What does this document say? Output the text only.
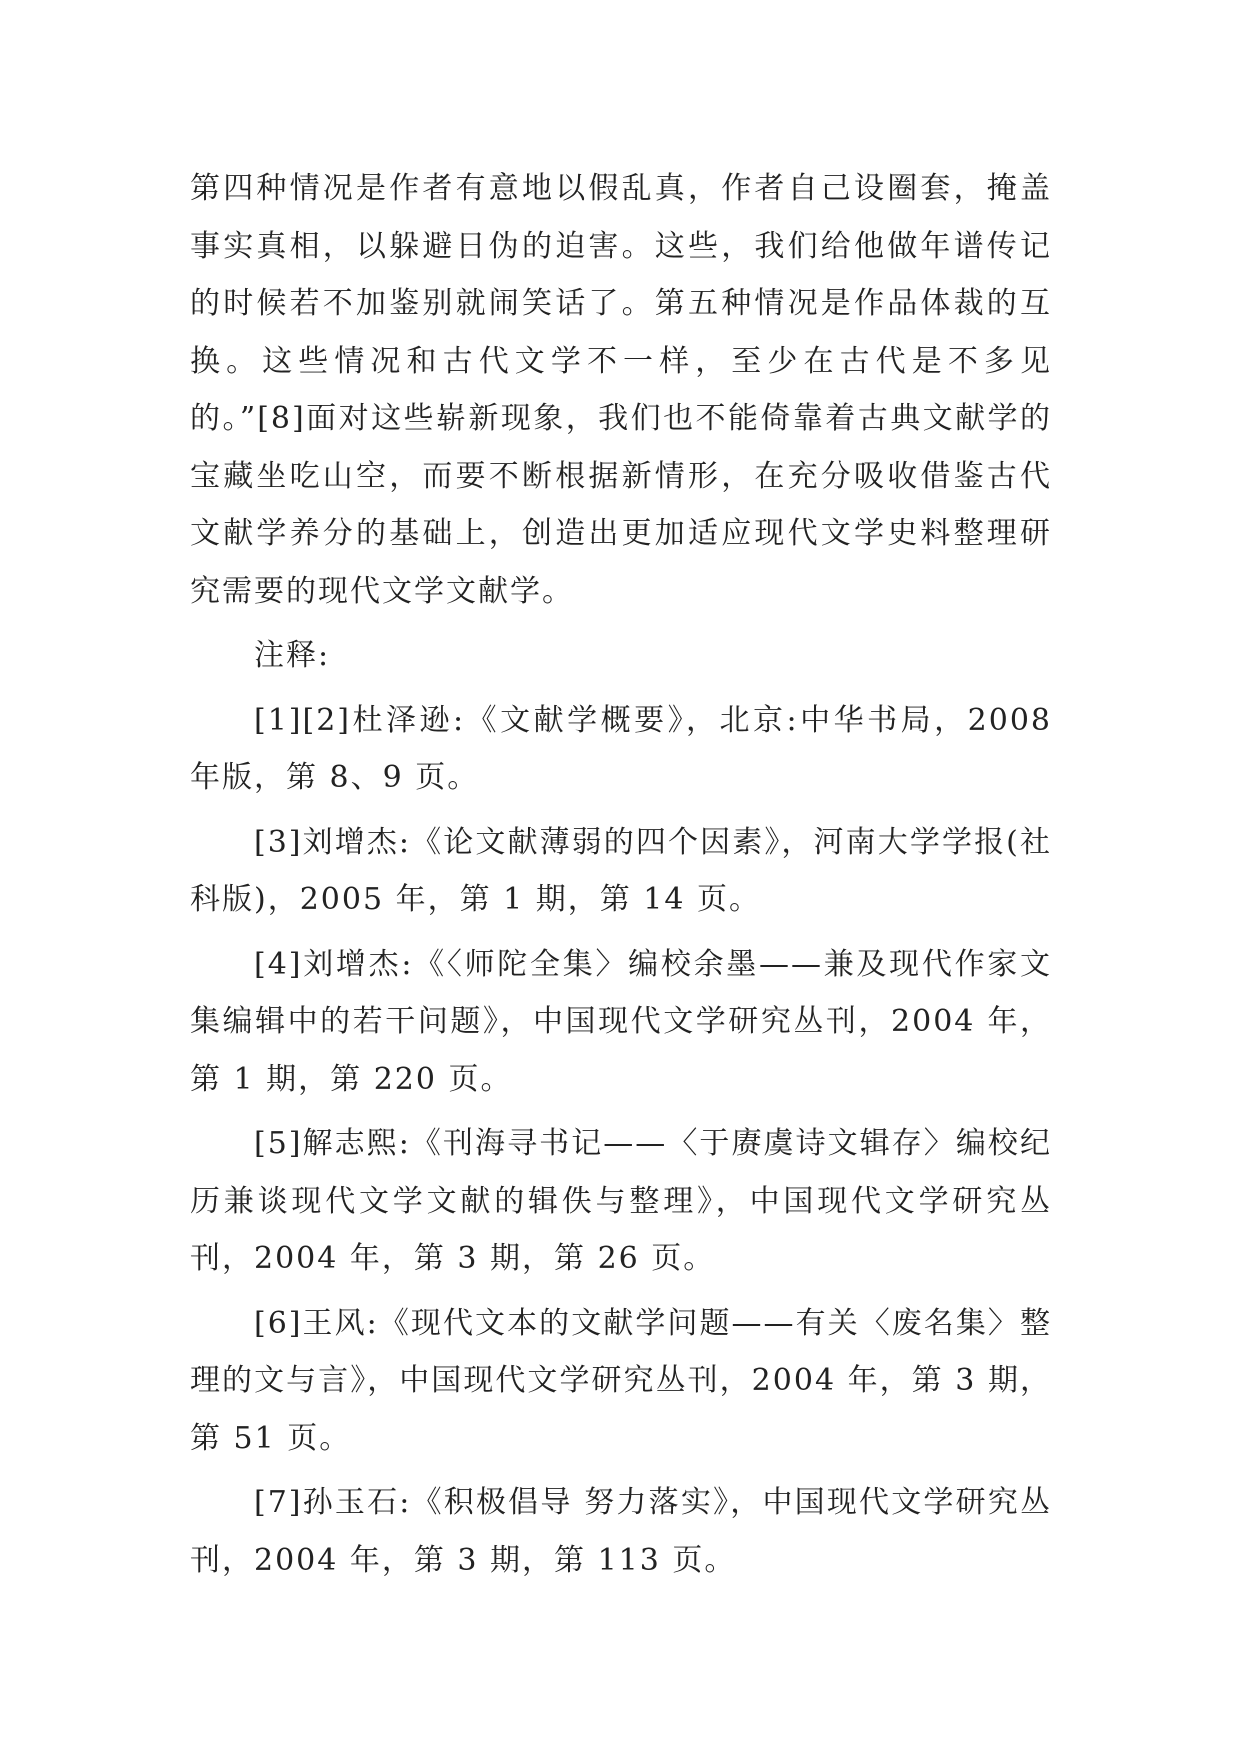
第四种情况是作者有意地以假乱真，作者自己设圈套，掩盖事实真相，以躲避日伪的迫害。这些，我们给他做年谱传记的时候若不加鉴别就闹笑话了。第五种情况是作品体裁的互换。这些情况和古代文学不一样，至少在古代是不多见的。”[8]面对这些崭新现象，我们也不能倚靠着古典文献学的宝藏坐吃山空，而要不断根据新情形，在充分吸收借鉴古代文献学养分的基础上，创造出更加适应现代文学史料整理研究需要的现代文学文献学。

注释:

[1][2]杜泽逊:《文献学概要》，北京:中华书局，2008年版，第 8、9 页。

[3]刘增杰:《论文献薄弱的四个因素》，河南大学学报(社科版)，2005 年，第 1 期，第 14 页。

[4]刘增杰:《〈师陀全集〉编校余墨——兼及现代作家文集编辑中的若干问题》，中国现代文学研究丛刊，2004 年，第 1 期，第 220 页。

[5]解志熙:《刊海寻书记——〈于赓虞诗文辑存〉编校纪历兼谈现代文学文献的辑佚与整理》，中国现代文学研究丛刊，2004 年，第 3 期，第 26 页。

[6]王风:《现代文本的文献学问题——有关〈废名集〉整理的文与言》，中国现代文学研究丛刊，2004 年，第 3 期，第 51 页。

[7]孙玉石:《积极倡导 努力落实》，中国现代文学研究丛刊，2004 年，第 3 期，第 113 页。
